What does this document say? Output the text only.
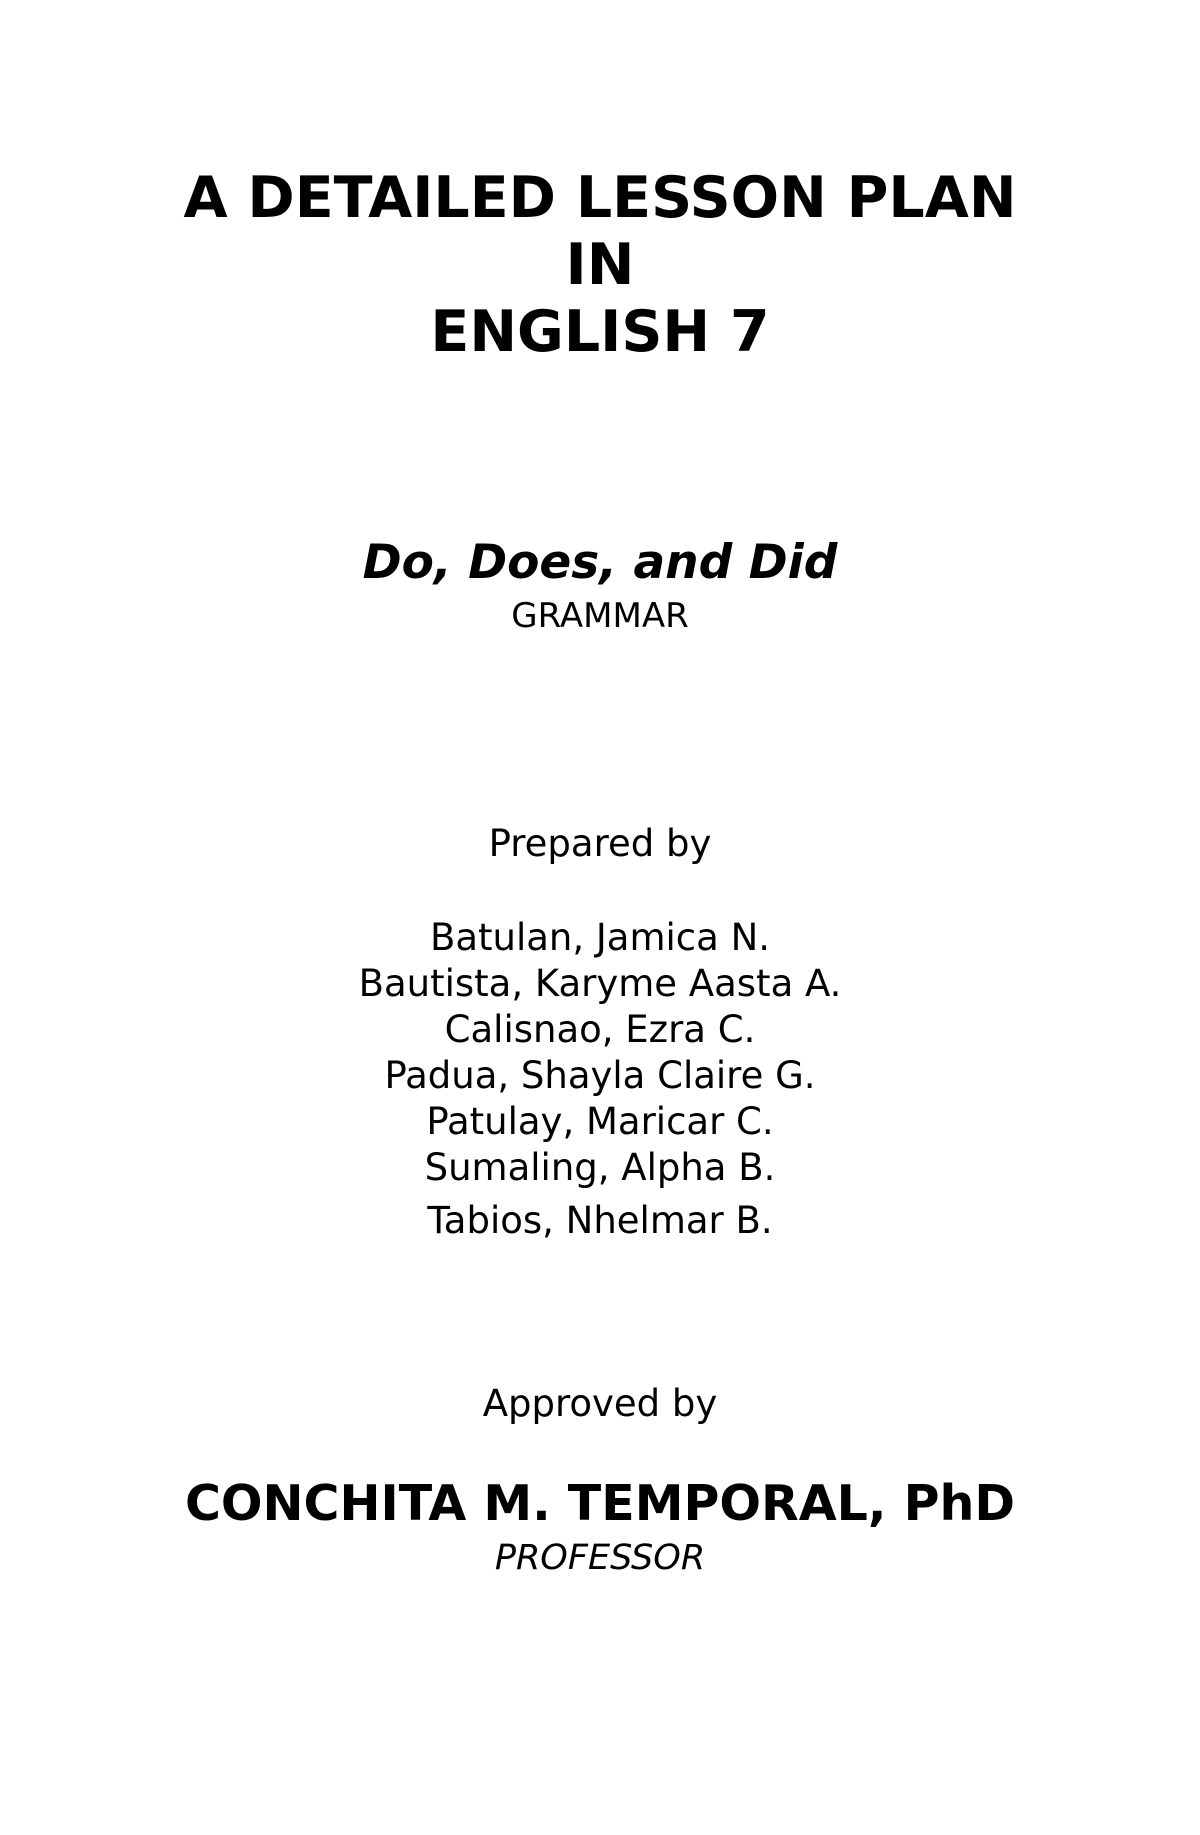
A DETAILED LESSON PLAN
IN
ENGLISH 7
Do, Does, and Did
GRAMMAR
Prepared by
Batulan, Jamica N.
Bautista, Karyme Aasta A.
Calisnao, Ezra C.
Padua, Shayla Claire G.
Patulay, Maricar C.
Sumaling, Alpha B.
Tabios, Nhelmar B.
Approved by
CONCHITA M. TEMPORAL, PhD
PROFESSOR
